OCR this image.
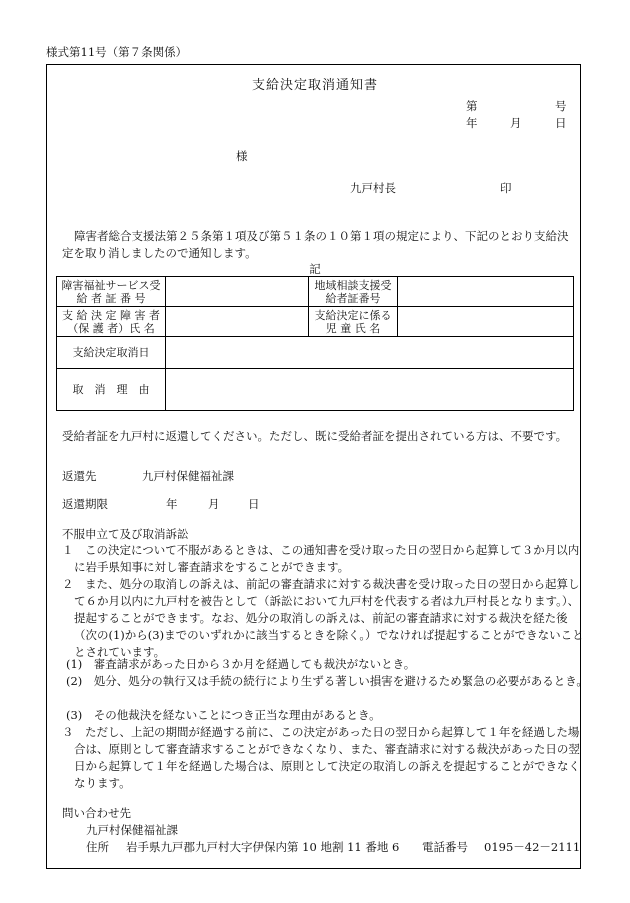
様式第11号（第７条関係）
支給決定取消通知書
第	号
年	月	日
様
九戸村長	印

障害者総合支援法第２５条第１項及び第５１条の１０第１項の規定により、下記のとおり支給決定を取り消しましたので通知します。

記
障害福祉サービス受 給 者 証 番 号		地域相談支援受給者証番号	
支 給 決 定 障 害 者（保 護 者）氏 名		支給決定に係る児 童 氏 名	
支給決定取消日			
取　消　理　由			

受給者証を九戸村に返還してください。ただし、既に受給者証を提出されている方は、不要です。

返還先	九戸村保健福祉課
返還期限	年	月 日
不服申立て及び取消訴訟

１　この決定について不服があるときは、この通知書を受け取った日の翌日から起算して３か月以内に岩手県知事に対し審査請求をすることができます。

２　また、処分の取消しの訴えは、前記の審査請求に対する裁決書を受け取った日の翌日から起算して６か月以内に九戸村を被告として（訴訟において九戸村を代表する者は九戸村長となります。）、提起することができます。なお、処分の取消しの訴えは、前記の審査請求に対する裁決を経た後（次の(1)から(3)までのいずれかに該当するときを除く。）でなければ提起することができないこととされています。

(1)　審査請求があった日から３か月を経過しても裁決がないとき。

(2)　処分、処分の執行又は手続の続行により生ずる著しい損害を避けるため緊急の必要があるとき。

(3)　その他裁決を経ないことにつき正当な理由があるとき。

３　ただし、上記の期間が経過する前に、この決定があった日の翌日から起算して１年を経過した場合は、原則として審査請求することができなくなり、また、審査請求に対する裁決があった日の翌日から起算して１年を経過した場合は、原則として決定の取消しの訴えを提起することができなくなります。

問い合わせ先
九戸村保健福祉課
住所 岩手県九戸郡九戸村大字伊保内第 10 地割 11 番地 6 電話番号 0195－42－2111
